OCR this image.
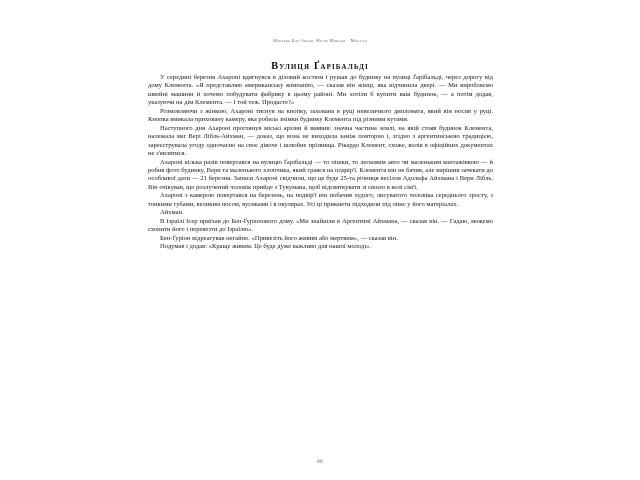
Мікаель Бар-Зохар, Нісім Мішаль · Моссад
Вулиця Ґарібальді

У середині березня Ахароні вдягнувся в діловий костюм і рушав до будинку на вулиці Ґарібальді, через дорогу від дому Клемента. «Я представляю американську компанію, — сказав він жінці, яка відчинила двері. — Ми виробляємо швейні машини й хочемо побудувати фабрику в цьому районі. Ми хотіли б купити ваш будинок, — а потім додав, указуючи на дім Клемента. — І той теж. Продасте?»

Розмовляючи з жінкою, Ахароні тиснув на кнопку, захована в руці невеличкого дипломата, який він носив у руці. Кнопка вмикала приховану камеру, яка робила знімки будинку Клемента під різними кутами.

Наступного дня Ахароні проглянув міські архіви й виявив: значна частина землі, на якій стояв будинок Клемента, належала мsr Вері Лібль-Айхман, — доказ, що вона не виходила заміж повторно і, згідно з аргентинською традицією, зареєструвала угоду одночасно на своє дівоче і шлюбне прізвища. Рікардо Клемент, схоже, волів в офіційних документах не з'являтися.

Ахароні кілька разів повертався на вулицю Ґарібальді — то пішки, то легковим авто чи маленьким вантажівкою — й робив фото будинку, Вери та маленького хлопчика, який грався на подвір'ї. Клемента він не бачив, але вирішив зачекати до особливої дати — 21 березня. Записи Ахароні свідчили, що це буде 25-та річниця весілля Адольфа Айхмана і Вери Лібль. Він очікував, що розлучений чоловік прийде з Тукумана, щоб відсвяткувати зі своєю в колі сім'ї.

Ахароні з камерою повертався на березень, на подвір'ї він побачив худого, лисуватого чоловіка середнього зросту, з тонкими губами, великим носом, вусиками і в окулярах. Усі ці прикмети підходили під опис у його матеріалах.

Айхман.

В Ізраїлі Ісер приїхав до Бен-Ґуріонового дому. «Ми знайшли в Аргентині Айхмана, — сказав він. — Гадаю, можемо схопити його і перевезти до Ізраїлю».

Бен-Ґуріон відреагував негайно. «Привезіть його живим або мертвим», — сказав він.

Подумав і додав: «Краще живим. Це буде дуже важливо для нашої молоді».

80
